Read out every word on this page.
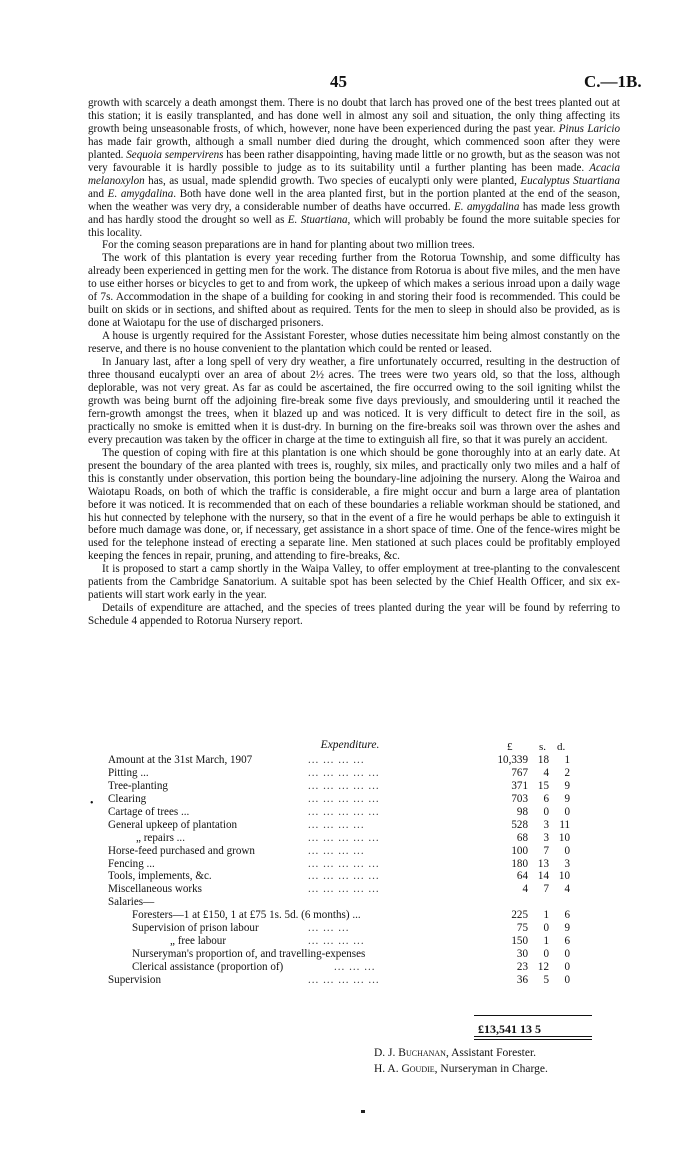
45	C.—1B.

growth with scarcely a death amongst them. There is no doubt that larch has proved one of the best trees planted out at this station; it is easily transplanted, and has done well in almost any soil and situation, the only thing affecting its growth being unseasonable frosts, of which, however, none have been experienced during the past year. Pinus Laricio has made fair growth, although a small number died during the drought, which commenced soon after they were planted. Sequoia sempervirens has been rather disappointing, having made little or no growth, but as the season was not very favourable it is hardly possible to judge as to its suitability until a further planting has been made. Acacia melanoxylon has, as usual, made splendid growth. Two species of eucalypti only were planted, Eucalyptus Stuartiana and E. amygdalina. Both have done well in the area planted first, but in the portion planted at the end of the season, when the weather was very dry, a considerable number of deaths have occurred. E. amygdalina has made less growth and has hardly stood the drought so well as E. Stuartiana, which will probably be found the more suitable species for this locality.

For the coming season preparations are in hand for planting about two million trees.

The work of this plantation is every year receding further from the Rotorua Township, and some difficulty has already been experienced in getting men for the work. The distance from Rotorua is about five miles, and the men have to use either horses or bicycles to get to and from work, the upkeep of which makes a serious inroad upon a daily wage of 7s. Accommodation in the shape of a building for cooking in and storing their food is recommended. This could be built on skids or in sections, and shifted about as required. Tents for the men to sleep in should also be provided, as is done at Waiotapu for the use of discharged prisoners.

A house is urgently required for the Assistant Forester, whose duties necessitate him being almost constantly on the reserve, and there is no house convenient to the plantation which could be rented or leased.

In January last, after a long spell of very dry weather, a fire unfortunately occurred, resulting in the destruction of three thousand eucalypti over an area of about 2½ acres. The trees were two years old, so that the loss, although deplorable, was not very great. As far as could be ascertained, the fire occurred owing to the soil igniting whilst the growth was being burnt off the adjoining fire-break some five days previously, and smouldering until it reached the fern-growth amongst the trees, when it blazed up and was noticed. It is very difficult to detect fire in the soil, as practically no smoke is emitted when it is dust-dry. In burning on the fire-breaks soil was thrown over the ashes and every precaution was taken by the officer in charge at the time to extinguish all fire, so that it was purely an accident.

The question of coping with fire at this plantation is one which should be gone thoroughly into at an early date. At present the boundary of the area planted with trees is, roughly, six miles, and practically only two miles and a half of this is constantly under observation, this portion being the boundary-line adjoining the nursery. Along the Wairoa and Waiotapu Roads, on both of which the traffic is considerable, a fire might occur and burn a large area of plantation before it was noticed. It is recommended that on each of these boundaries a reliable workman should be stationed, and his hut connected by telephone with the nursery, so that in the event of a fire he would perhaps be able to extinguish it before much damage was done, or, if necessary, get assistance in a short space of time. One of the fence-wires might be used for the telephone instead of erecting a separate line. Men stationed at such places could be profitably employed keeping the fences in repair, pruning, and attending to fire-breaks, &c.

It is proposed to start a camp shortly in the Waipa Valley, to offer employment at tree-planting to the convalescent patients from the Cambridge Sanatorium. A suitable spot has been selected by the Chief Health Officer, and six ex-patients will start work early in the year.

Details of expenditure are attached, and the species of trees planted during the year will be found by referring to Schedule 4 appended to Rotorua Nursery report.

Expenditure.	£ s. d.
Amount at the 31st March, 1907	... ... ... ...	10,339 18	1
Pitting ...	... ... ... ... ...	767	4	2
Tree-planting	... ... ... ... ...	371 15	9
Clearing	... ... ... ... ...	703	6	9
Cartage of trees ...	... ... ... ... ...	98	0	0
General upkeep of plantation	... ... ... ...	528	3 11
„ repairs ...	... ... ... ... ...	68	3 10
Horse-feed purchased and grown	... ... ... ...	100	7	0
Fencing ...	... ... ... ... ...	180 13	3
Tools, implements, &c.	... ... ... ... ...	64 14 10
Miscellaneous works	... ... ... ... ...	4	7	4
Salaries—
Foresters—1 at £150, 1 at £75 1s. 5d. (6 months) ...	225	1	6
Supervision of prison labour	... ... ...	75	0	9
„ free labour	... ... ... ...	150	1	6
Nurseryman's proportion of, and travelling-expenses	30	0	0
Clerical assistance (proportion of)	... ... ...	23 12	0
Supervision	... ... ... ... ...	36	5	0
•
£13,541 13 5
D. J. Buchanan, Assistant Forester.
H. A. Goudie, Nurseryman in Charge.
